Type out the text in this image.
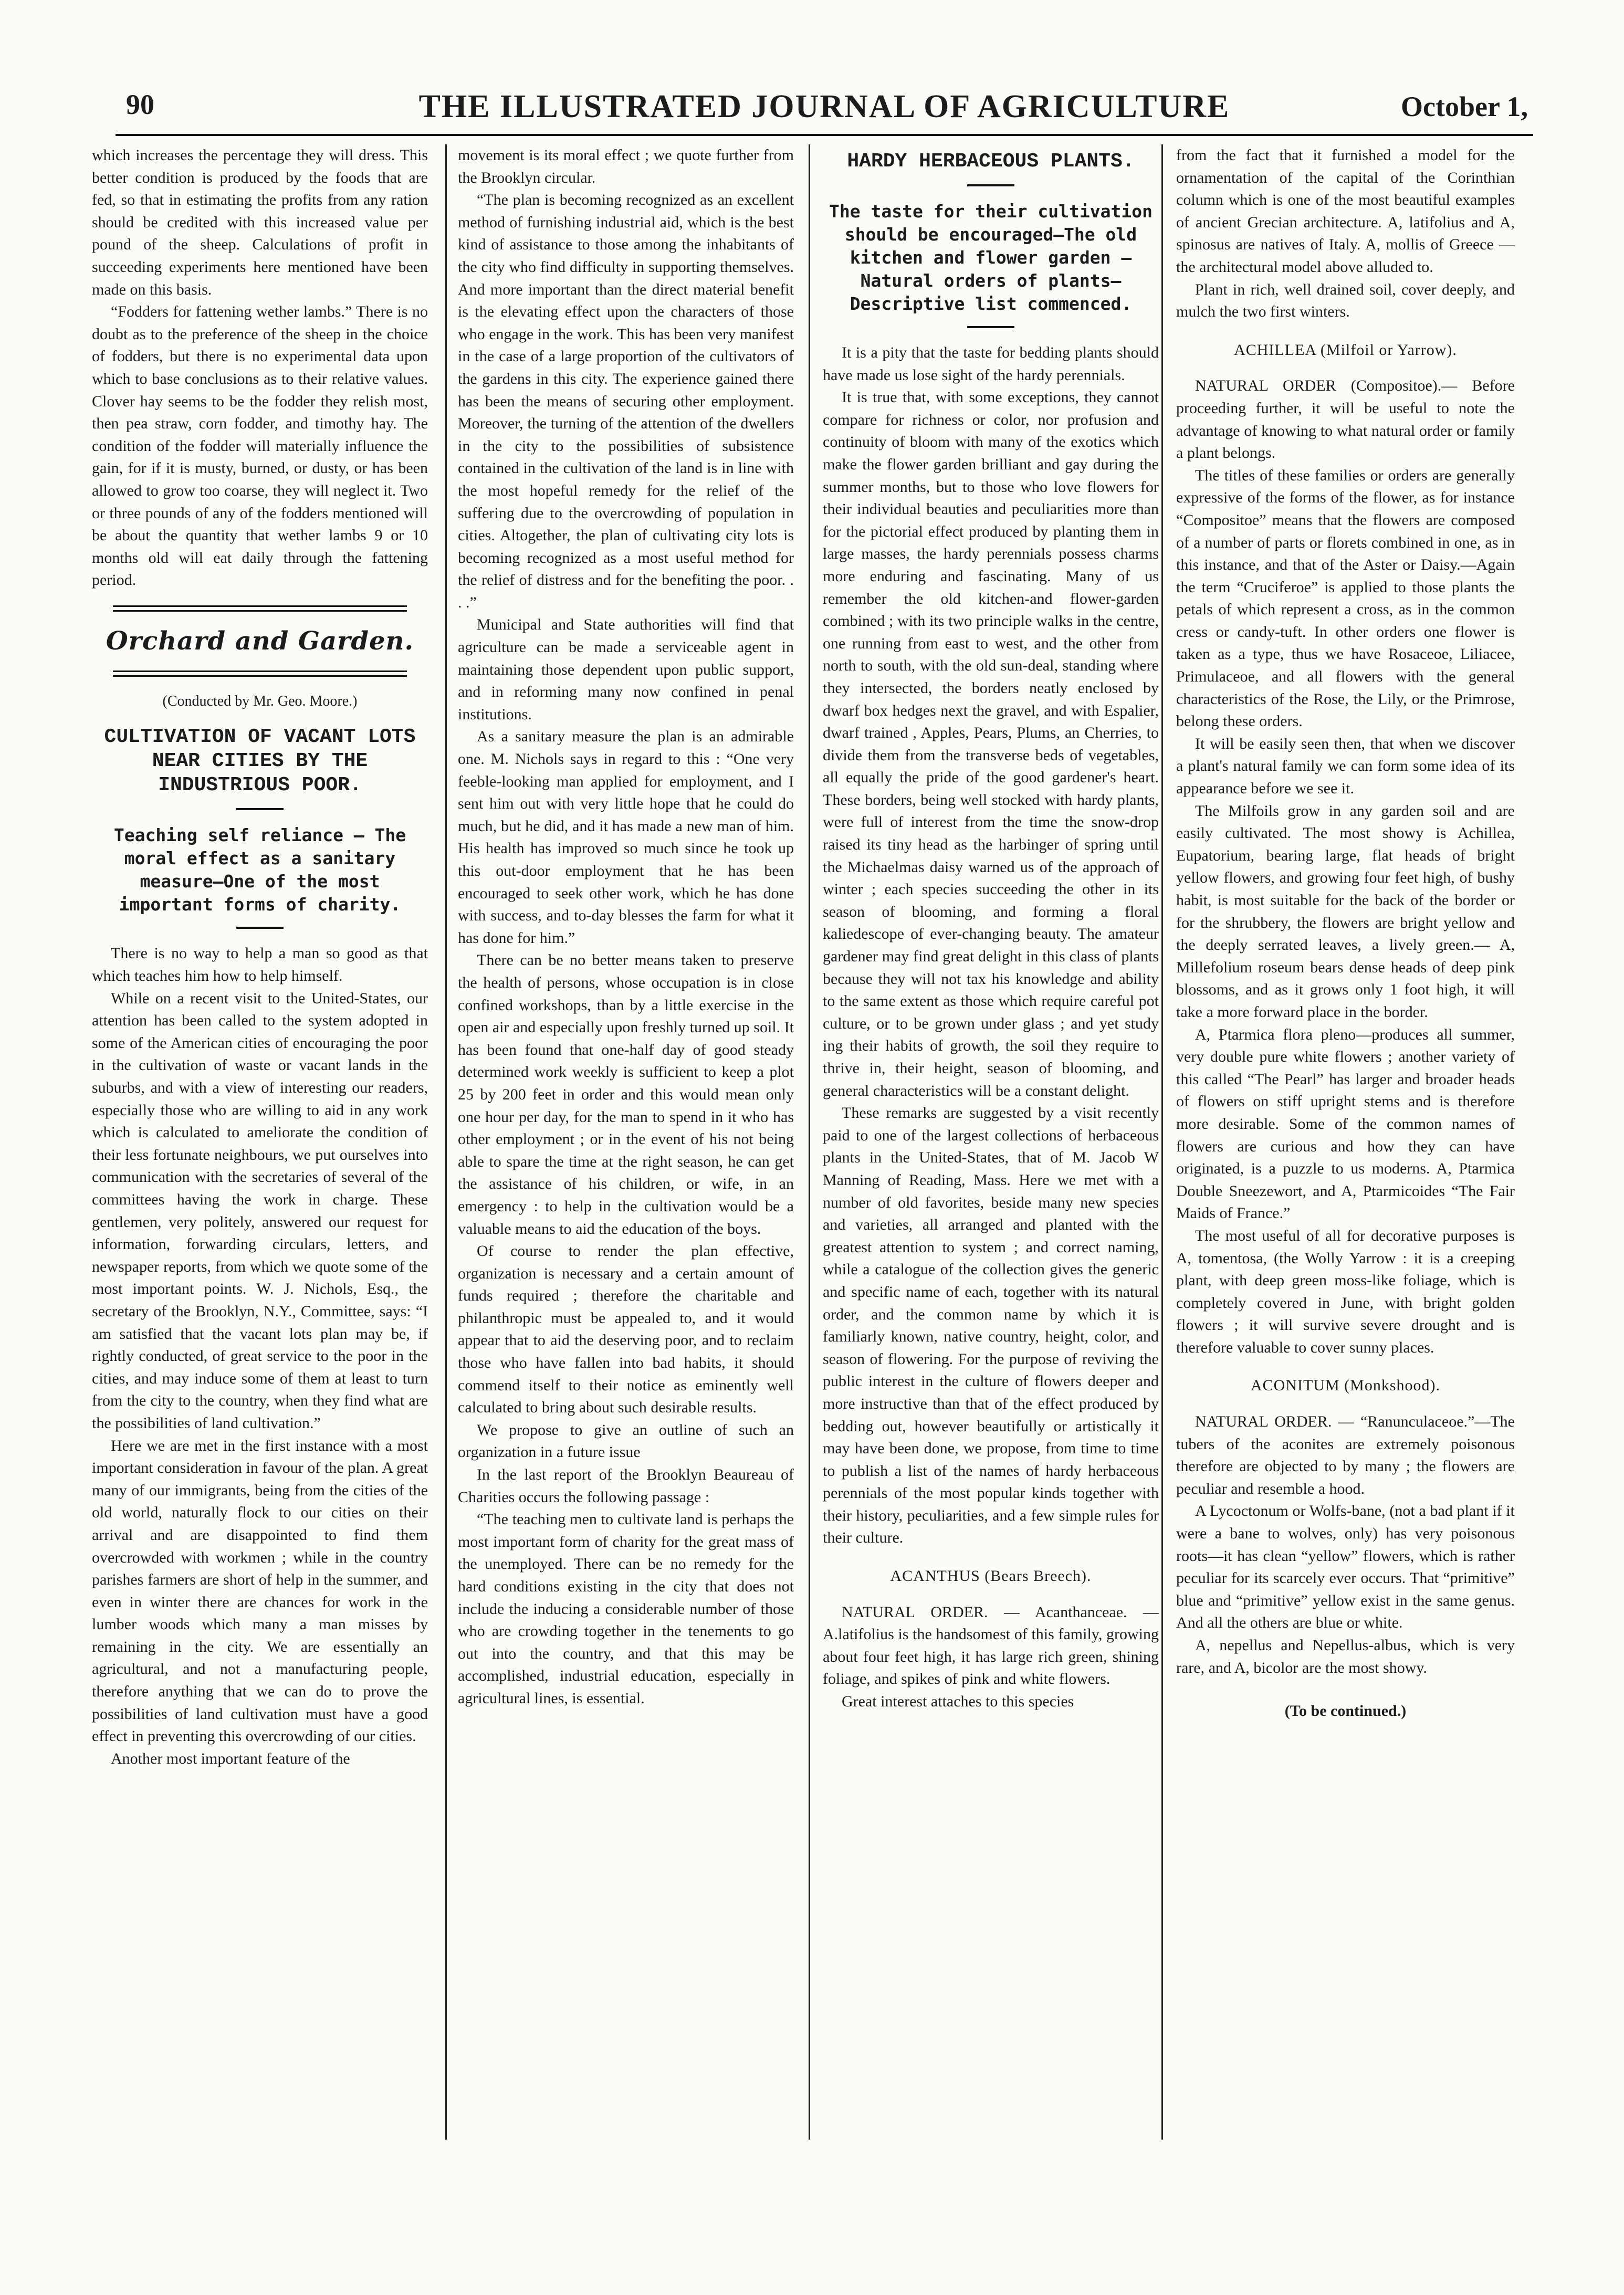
90	THE ILLUSTRATED JOURNAL OF AGRICULTURE	October 1,

which increases the percentage they will dress. This better condition is produced by the foods that are fed, so that in estimating the profits from any ration should be credited with this increased value per pound of the sheep. Calculations of profit in succeeding experiments here mentioned have been made on this basis.

“Fodders for fattening wether lambs.” There is no doubt as to the preference of the sheep in the choice of fodders, but there is no experimental data upon which to base conclusions as to their relative values. Clover hay seems to be the fodder they relish most, then pea straw, corn fodder, and timothy hay. The condition of the fodder will materially influence the gain, for if it is musty, burned, or dusty, or has been allowed to grow too coarse, they will neglect it. Two or three pounds of any of the fodders mentioned will be about the quantity that wether lambs 9 or 10 months old will eat daily through the fattening period.

Orchard and Garden.
(Conducted by Mr. Geo. Moore.)
CULTIVATION OF VACANT LOTS NEAR CITIES BY THE INDUSTRIOUS POOR.
Teaching self reliance — The moral effect as a sanitary measure—One of the most important forms of charity.

There is no way to help a man so good as that which teaches him how to help himself.

While on a recent visit to the United-States, our attention has been called to the system adopted in some of the American cities of encouraging the poor in the cultivation of waste or vacant lands in the suburbs, and with a view of interesting our readers, especially those who are willing to aid in any work which is calculated to ameliorate the condition of their less fortunate neighbours, we put ourselves into communication with the secretaries of several of the committees having the work in charge. These gentlemen, very politely, answered our request for information, forwarding circulars, letters, and newspaper reports, from which we quote some of the most important points. W. J. Nichols, Esq., the secretary of the Brooklyn, N.Y., Committee, says: “I am satisfied that the vacant lots plan may be, if rightly conducted, of great service to the poor in the cities, and may induce some of them at least to turn from the city to the country, when they find what are the possibilities of land cultivation.”

Here we are met in the first instance with a most important consideration in favour of the plan. A great many of our immigrants, being from the cities of the old world, naturally flock to our cities on their arrival and are disappointed to find them overcrowded with workmen ; while in the country parishes farmers are short of help in the summer, and even in winter there are chances for work in the lumber woods which many a man misses by remaining in the city. We are essentially an agricultural, and not a manufacturing people, therefore anything that we can do to prove the possibilities of land cultivation must have a good effect in preventing this overcrowding of our cities.

Another most important feature of the

movement is its moral effect ; we quote further from the Brooklyn circular.

“The plan is becoming recognized as an excellent method of furnishing industrial aid, which is the best kind of assistance to those among the inhabitants of the city who find difficulty in supporting themselves. And more important than the direct material benefit is the elevating effect upon the characters of those who engage in the work. This has been very manifest in the case of a large proportion of the cultivators of the gardens in this city. The experience gained there has been the means of securing other employment. Moreover, the turning of the attention of the dwellers in the city to the possibilities of subsistence contained in the cultivation of the land is in line with the most hopeful remedy for the relief of the suffering due to the overcrowding of population in cities. Altogether, the plan of cultivating city lots is becoming recognized as a most useful method for the relief of distress and for the benefiting the poor. . . .”

Municipal and State authorities will find that agriculture can be made a serviceable agent in maintaining those dependent upon public support, and in reforming many now confined in penal institutions.

As a sanitary measure the plan is an admirable one. M. Nichols says in regard to this : “One very feeble-looking man applied for employment, and I sent him out with very little hope that he could do much, but he did, and it has made a new man of him. His health has improved so much since he took up this out-door employment that he has been encouraged to seek other work, which he has done with success, and to-day blesses the farm for what it has done for him.”

There can be no better means taken to preserve the health of persons, whose occupation is in close confined workshops, than by a little exercise in the open air and especially upon freshly turned up soil. It has been found that one-half day of good steady determined work weekly is sufficient to keep a plot 25 by 200 feet in order and this would mean only one hour per day, for the man to spend in it who has other employment ; or in the event of his not being able to spare the time at the right season, he can get the assistance of his children, or wife, in an emergency : to help in the cultivation would be a valuable means to aid the education of the boys.

Of course to render the plan effective, organization is necessary and a certain amount of funds required ; therefore the charitable and philanthropic must be appealed to, and it would appear that to aid the deserving poor, and to reclaim those who have fallen into bad habits, it should commend itself to their notice as eminently well calculated to bring about such desirable results.

We propose to give an outline of such an organization in a future issue

In the last report of the Brooklyn Beaureau of Charities occurs the following passage :

“The teaching men to cultivate land is perhaps the most important form of charity for the great mass of the unemployed. There can be no remedy for the hard conditions existing in the city that does not include the inducing a considerable number of those who are crowding together in the tenements to go out into the country, and that this may be accomplished, industrial education, especially in agricultural lines, is essential.

HARDY HERBACEOUS PLANTS.
The taste for their cultivation should be encouraged—The old kitchen and flower garden — Natural orders of plants—Descriptive list commenced.

It is a pity that the taste for bedding plants should have made us lose sight of the hardy perennials.

It is true that, with some exceptions, they cannot compare for richness or color, nor profusion and continuity of bloom with many of the exotics which make the flower garden brilliant and gay during the summer months, but to those who love flowers for their individual beauties and peculiarities more than for the pictorial effect produced by planting them in large masses, the hardy perennials possess charms more enduring and fascinating. Many of us remember the old kitchen-and flower-garden combined ; with its two principle walks in the centre, one running from east to west, and the other from north to south, with the old sun-deal, standing where they intersected, the borders neatly enclosed by dwarf box hedges next the gravel, and with Espalier, dwarf trained , Apples, Pears, Plums, an Cherries, to divide them from the transverse beds of vegetables, all equally the pride of the good gardener's heart. These borders, being well stocked with hardy plants, were full of interest from the time the snow-drop raised its tiny head as the harbinger of spring until the Michaelmas daisy warned us of the approach of winter ; each species succeeding the other in its season of blooming, and forming a floral kaliedescope of ever-changing beauty. The amateur gardener may find great delight in this class of plants because they will not tax his knowledge and ability to the same extent as those which require careful pot culture, or to be grown under glass ; and yet study ing their habits of growth, the soil they require to thrive in, their height, season of blooming, and general characteristics will be a constant delight.

These remarks are suggested by a visit recently paid to one of the largest collections of herbaceous plants in the United-States, that of M. Jacob W Manning of Reading, Mass. Here we met with a number of old favorites, beside many new species and varieties, all arranged and planted with the greatest attention to system ; and correct naming, while a catalogue of the collection gives the generic and specific name of each, together with its natural order, and the common name by which it is familiarly known, native country, height, color, and season of flowering. For the purpose of reviving the public interest in the culture of flowers deeper and more instructive than that of the effect produced by bedding out, however beautifully or artistically it may have been done, we propose, from time to time to publish a list of the names of hardy herbaceous perennials of the most popular kinds together with their history, peculiarities, and a few simple rules for their culture.

ACANTHUS (Bears Breech).

NATURAL ORDER. — Acanthanceae. —A.latifolius is the handsomest of this family, growing about four feet high, it has large rich green, shining foliage, and spikes of pink and white flowers.

Great interest attaches to this species

from the fact that it furnished a model for the ornamentation of the capital of the Corinthian column which is one of the most beautiful examples of ancient Grecian architecture. A, latifolius and A, spinosus are natives of Italy. A, mollis of Greece — the architectural model above alluded to.

Plant in rich, well drained soil, cover deeply, and mulch the two first winters.

ACHILLEA (Milfoil or Yarrow).

NATURAL ORDER (Compositoe).— Before proceeding further, it will be useful to note the advantage of knowing to what natural order or family a plant belongs.

The titles of these families or orders are generally expressive of the forms of the flower, as for instance “Compositoe” means that the flowers are composed of a number of parts or florets combined in one, as in this instance, and that of the Aster or Daisy.—Again the term “Cruciferoe” is applied to those plants the petals of which represent a cross, as in the common cress or candy-tuft. In other orders one flower is taken as a type, thus we have Rosaceoe, Liliacee, Primulaceoe, and all flowers with the general characteristics of the Rose, the Lily, or the Primrose, belong these orders.

It will be easily seen then, that when we discover a plant's natural family we can form some idea of its appearance before we see it.

The Milfoils grow in any garden soil and are easily cultivated. The most showy is Achillea, Eupatorium, bearing large, flat heads of bright yellow flowers, and growing four feet high, of bushy habit, is most suitable for the back of the border or for the shrubbery, the flowers are bright yellow and the deeply serrated leaves, a lively green.— A, Millefolium roseum bears dense heads of deep pink blossoms, and as it grows only 1 foot high, it will take a more forward place in the border.

A, Ptarmica flora pleno—produces all summer, very double pure white flowers ; another variety of this called “The Pearl” has larger and broader heads of flowers on stiff upright stems and is therefore more desirable. Some of the common names of flowers are curious and how they can have originated, is a puzzle to us moderns. A, Ptarmica Double Sneezewort, and A, Ptarmicoides “The Fair Maids of France.”

The most useful of all for decorative purposes is A, tomentosa, (the Wolly Yarrow : it is a creeping plant, with deep green moss-like foliage, which is completely covered in June, with bright golden flowers ; it will survive severe drought and is therefore valuable to cover sunny places.

ACONITUM (Monkshood).

NATURAL ORDER. — “Ranunculaceoe.”—The tubers of the aconites are extremely poisonous therefore are objected to by many ; the flowers are peculiar and resemble a hood.

A Lycoctonum or Wolfs-bane, (not a bad plant if it were a bane to wolves, only) has very poisonous roots—it has clean “yellow” flowers, which is rather peculiar for its scarcely ever occurs. That “primitive” blue and “primitive” yellow exist in the same genus. And all the others are blue or white.

A, nepellus and Nepellus-albus, which is very rare, and A, bicolor are the most showy.

(To be continued.)
